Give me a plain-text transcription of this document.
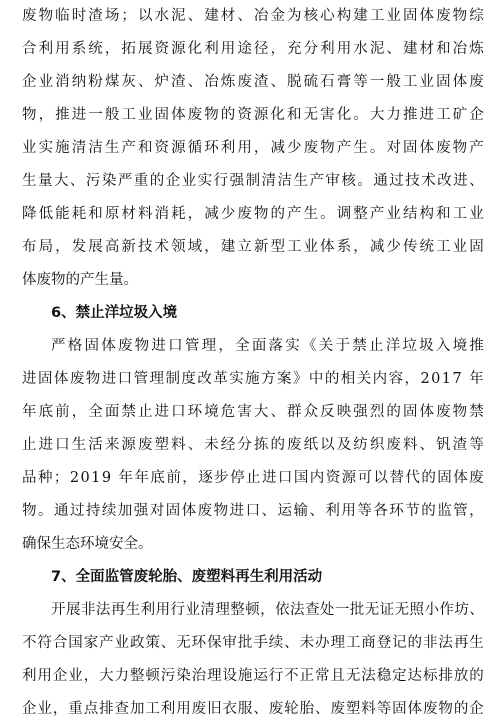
废 物 临 时 渣 场 ； 以 水 泥 、 建 材 、 冶 金 为 核 心 构 建 工 业 固 体 废 物 综
合 利 用 系 统 ， 拓 展 资 源 化 利 用 途 径 ， 充 分 利 用 水 泥 、 建 材 和 冶 炼
企 业 消 纳 粉 煤 灰 、 炉 渣 、 冶 炼 废 渣 、 脱 硫 石 膏 等 一 般 工 业 固 体 废
物 ， 推 进 一 般 工 业 固 体 废 物 的 资 源 化 和 无 害 化 。 大 力 推 进 工 矿 企
业 实 施 清 洁 生 产 和 资 源 循 环 利 用 ， 减 少 废 物 产 生 。 对 固 体 废 物 产
生 量 大 、 污 染 严 重 的 企 业 实 行 强 制 清 洁 生 产 审 核 。 通 过 技 术 改 进 、
降 低 能 耗 和 原 材 料 消 耗 ， 减 少 废 物 的 产 生 。 调 整 产 业 结 构 和 工 业
布 局 ， 发 展 高 新 技 术 领 域 ， 建 立 新 型 工 业 体 系 ， 减 少 传 统 工 业 固
体废物的产生量。
6、禁止洋垃圾入境
严 格 固 体 废 物 进 口 管 理 ， 全 面 落 实 《 关 于 禁 止 洋 垃 圾 入 境 推
进 固 体 废 物 进 口 管 理 制 度 改 革 实 施 方 案 》 中 的 相 关 内 容 ， 2 0 1 7
年
年 底 前 ， 全 面 禁 止 进 口 环 境 危 害 大 、 群 众 反 映 强 烈 的 固 体 废 物 禁
止 进 口 生 活 来 源 废 塑 料 、 未 经 分 拣 的 废 纸 以 及 纺 织 废 料 、 钒 渣 等
品 种 ； 2 0 1 9
年 年 底 前 ， 逐 步 停 止 进 口 国 内 资 源 可 以 替 代 的 固 体 废
物 。 通 过 持 续 加 强 对 固 体 废 物 进 口 、 运 输 、 利 用 等 各 环 节 的 监 管 ，
确保生态环境安全。
7、全面监管废轮胎、废塑料再生利用活动
开 展 非 法 再 生 利 用 行 业 清 理 整 顿 ， 依 法 查 处 一 批 无 证 无 照 小 作 坊 、
不 符 合 国 家 产 业 政 策 、 无 环 保 审 批 手 续 、 未 办 理 工 商 登 记 的 非 法 再 生
利 用 企 业 ， 大 力 整 顿 污 染 治 理 设 施 运 行 不 正 常 且 无 法 稳 定 达 标 排 放 的
企 业 ， 重 点 排 查 加 工 利 用 废 旧 衣 服 、 废 轮 胎 、 废 塑 料 等 固 体 废 物 的 企
